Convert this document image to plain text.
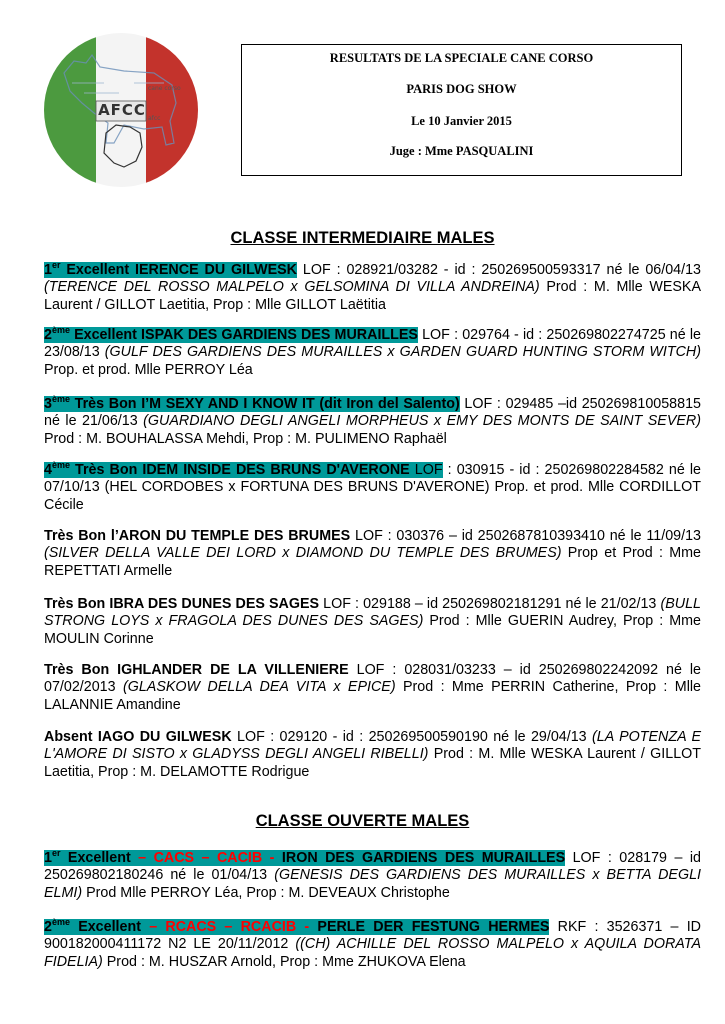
AFCC
cane corso
afcc
RESULTATS DE LA SPECIALE CANE CORSO
PARIS DOG SHOW
Le 10 Janvier 2015
Juge : Mme PASQUALINI
CLASSE INTERMEDIAIRE MALES
1er Excellent IERENCE DU GILWESK LOF : 028921/03282 - id : 250269500593317 né le 06/04/13 (TERENCE DEL ROSSO MALPELO x GELSOMINA DI VILLA ANDREINA) Prod : M. Mlle WESKA Laurent / GILLOT Laetitia, Prop : Mlle GILLOT Laëtitia
2ème Excellent ISPAK DES GARDIENS DES MURAILLES LOF : 029764 - id : 250269802274725 né le 23/08/13 (GULF DES GARDIENS DES MURAILLES x GARDEN GUARD HUNTING STORM WITCH) Prop. et prod. Mlle PERROY Léa
3ème Très Bon I’M SEXY AND I KNOW IT (dit Iron del Salento) LOF : 029485 –id 250269810058815 né le 21/06/13 (GUARDIANO DEGLI ANGELI MORPHEUS x EMY DES MONTS DE SAINT SEVER) Prod : M. BOUHALASSA Mehdi, Prop : M. PULIMENO Raphaël
4ème Très Bon IDEM INSIDE DES BRUNS D'AVERONE LOF : 030915 - id : 250269802284582 né le 07/10/13 (HEL CORDOBES x FORTUNA DES BRUNS D'AVERONE) Prop. et prod. Mlle CORDILLOT Cécile
Très Bon l’ARON DU TEMPLE DES BRUMES LOF : 030376 – id 2502687810393410 né le 11/09/13 (SILVER DELLA VALLE DEI LORD x DIAMOND DU TEMPLE DES BRUMES) Prop et Prod : Mme REPETTATI Armelle
Très Bon IBRA DES DUNES DES SAGES LOF : 029188 – id 250269802181291 né le 21/02/13 (BULL STRONG LOYS x FRAGOLA DES DUNES DES SAGES) Prod : Mlle GUERIN Audrey, Prop : Mme MOULIN Corinne
Très Bon IGHLANDER DE LA VILLENIERE LOF : 028031/03233 – id 250269802242092 né le 07/02/2013 (GLASKOW DELLA DEA VITA x EPICE) Prod : Mme PERRIN Catherine, Prop : Mlle LALANNIE Amandine
Absent IAGO DU GILWESK LOF : 029120 - id : 250269500590190 né le 29/04/13 (LA POTENZA E L'AMORE DI SISTO x GLADYSS DEGLI ANGELI RIBELLI) Prod : M. Mlle WESKA Laurent / GILLOT Laetitia, Prop : M. DELAMOTTE Rodrigue
CLASSE OUVERTE MALES
1er Excellent – CACS – CACIB - IRON DES GARDIENS DES MURAILLES LOF : 028179 – id 250269802180246 né le 01/04/13 (GENESIS DES GARDIENS DES MURAILLES x BETTA DEGLI ELMI) Prod Mlle PERROY Léa, Prop : M. DEVEAUX Christophe
2ème Excellent – RCACS – RCACIB - PERLE DER FESTUNG HERMES RKF : 3526371 – ID 900182000411172 N2 LE 20/11/2012 ((CH) ACHILLE DEL ROSSO MALPELO x AQUILA DORATA FIDELIA) Prod : M. HUSZAR Arnold, Prop : Mme ZHUKOVA Elena
